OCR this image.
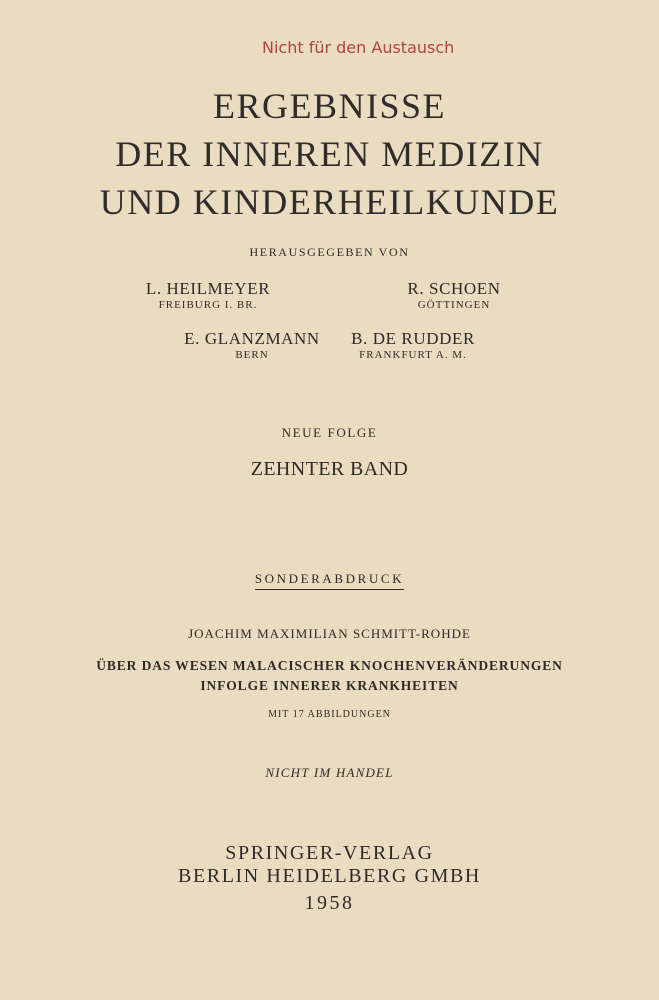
Nicht für den Austausch
ERGEBNISSE
DER INNEREN MEDIZIN
UND KINDERHEILKUNDE
HERAUSGEGEBEN VON
L. HEILMEYER
FREIBURG I. BR.
R. SCHOEN
GÖTTINGEN
E. GLANZMANN
BERN
B. DE RUDDER
FRANKFURT A. M.
NEUE FOLGE
ZEHNTER BAND
SONDERABDRUCK
JOACHIM MAXIMILIAN SCHMITT-ROHDE
ÜBER DAS WESEN MALACISCHER KNOCHENVERÄNDERUNGEN
INFOLGE INNERER KRANKHEITEN
MIT 17 ABBILDUNGEN
NICHT IM HANDEL
SPRINGER-VERLAG
BERLIN HEIDELBERG GMBH
1958
